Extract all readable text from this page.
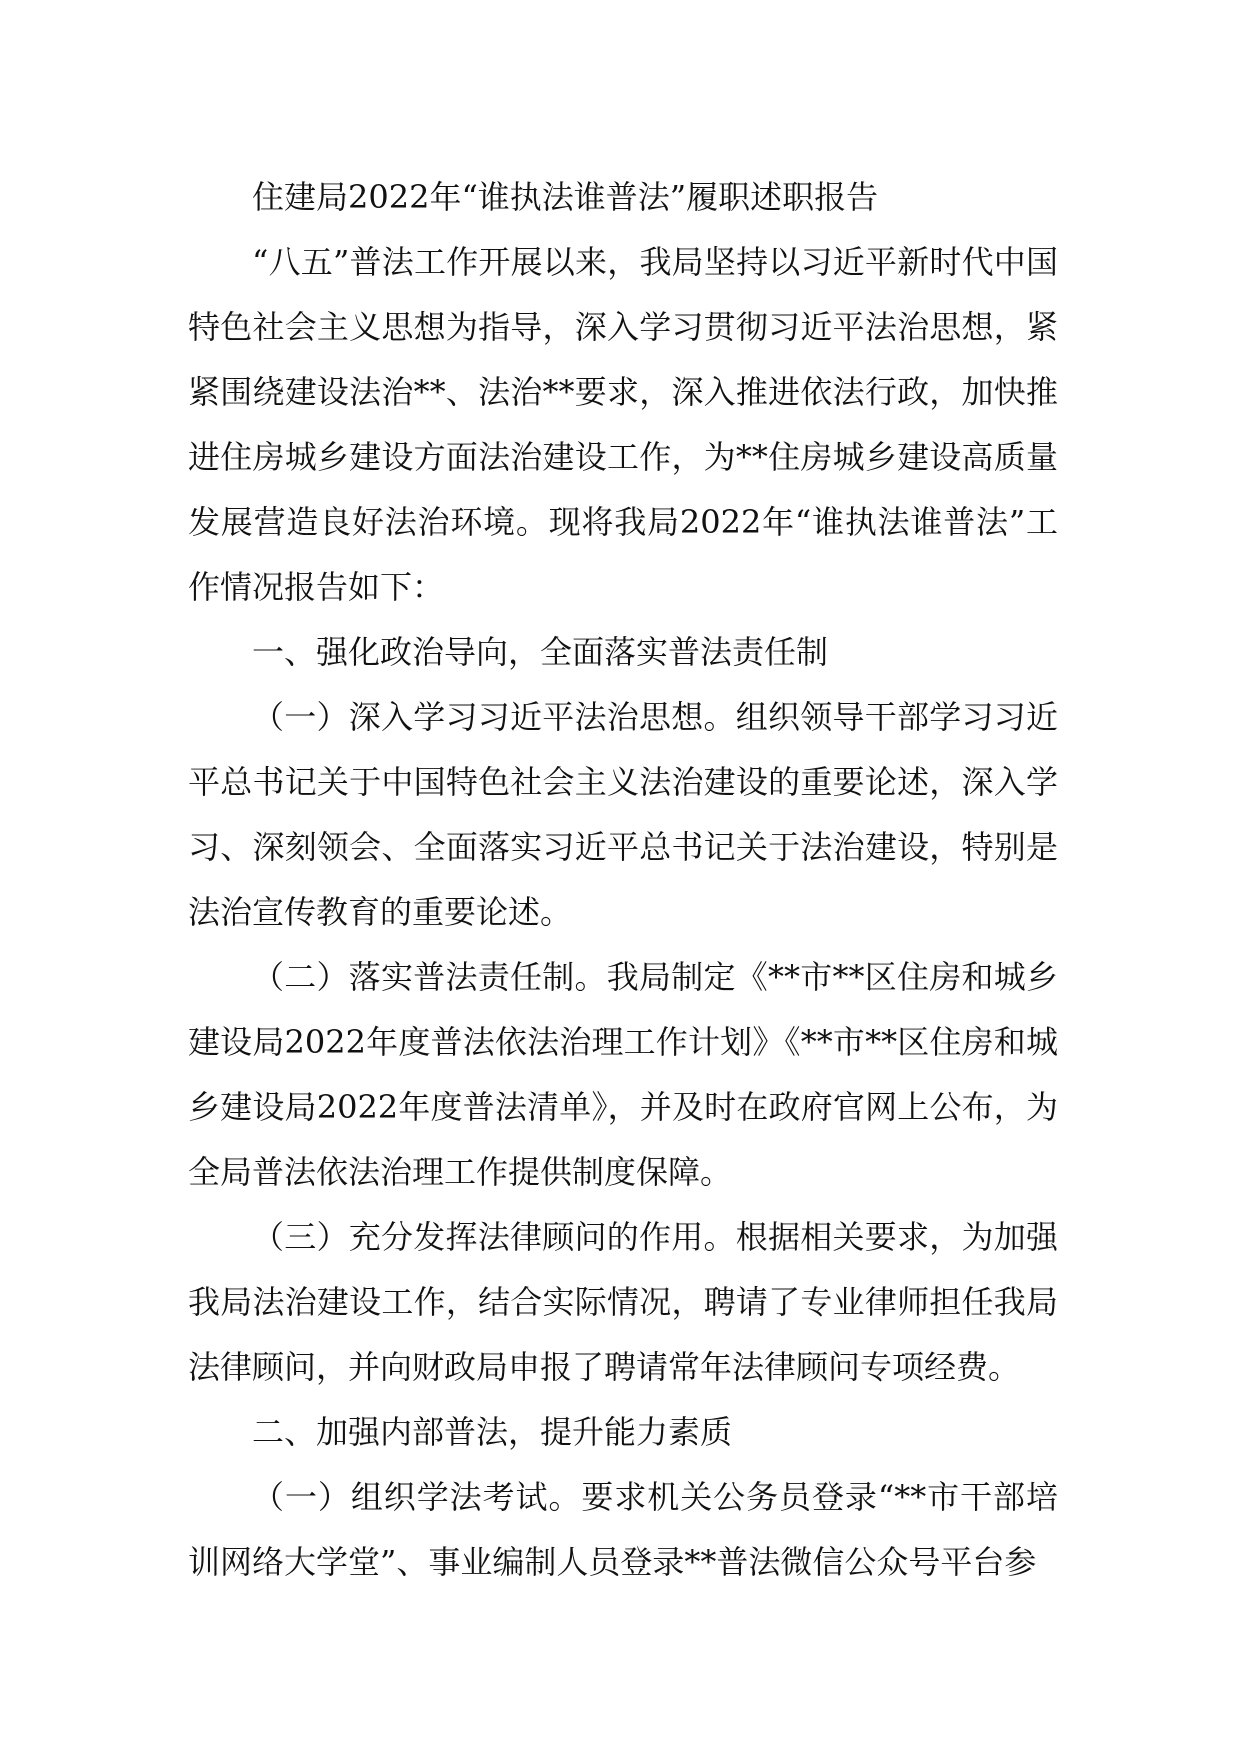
住建局2022年“谁执法谁普法”履职述职报告

“八五”普法工作开展以来，我局坚持以习近平新时代中国特色社会主义思想为指导，深入学习贯彻习近平法治思想，紧紧围绕建设法治**、法治**要求，深入推进依法行政，加快推进住房城乡建设方面法治建设工作，为**住房城乡建设高质量发展营造良好法治环境。现将我局2022年“谁执法谁普法”工作情况报告如下：

一、强化政治导向，全面落实普法责任制

（一）深入学习习近平法治思想。组织领导干部学习习近平总书记关于中国特色社会主义法治建设的重要论述，深入学习、深刻领会、全面落实习近平总书记关于法治建设，特别是法治宣传教育的重要论述。

（二）落实普法责任制。我局制定《**市**区住房和城乡建设局2022年度普法依法治理工作计划》《**市**区住房和城乡建设局2022年度普法清单》，并及时在政府官网上公布，为全局普法依法治理工作提供制度保障。

（三）充分发挥法律顾问的作用。根据相关要求，为加强我局法治建设工作，结合实际情况，聘请了专业律师担任我局法律顾问，并向财政局申报了聘请常年法律顾问专项经费。

二、加强内部普法，提升能力素质

（一）组织学法考试。要求机关公务员登录“**市干部培训网络大学堂”、事业编制人员登录**普法微信公众号平台参
